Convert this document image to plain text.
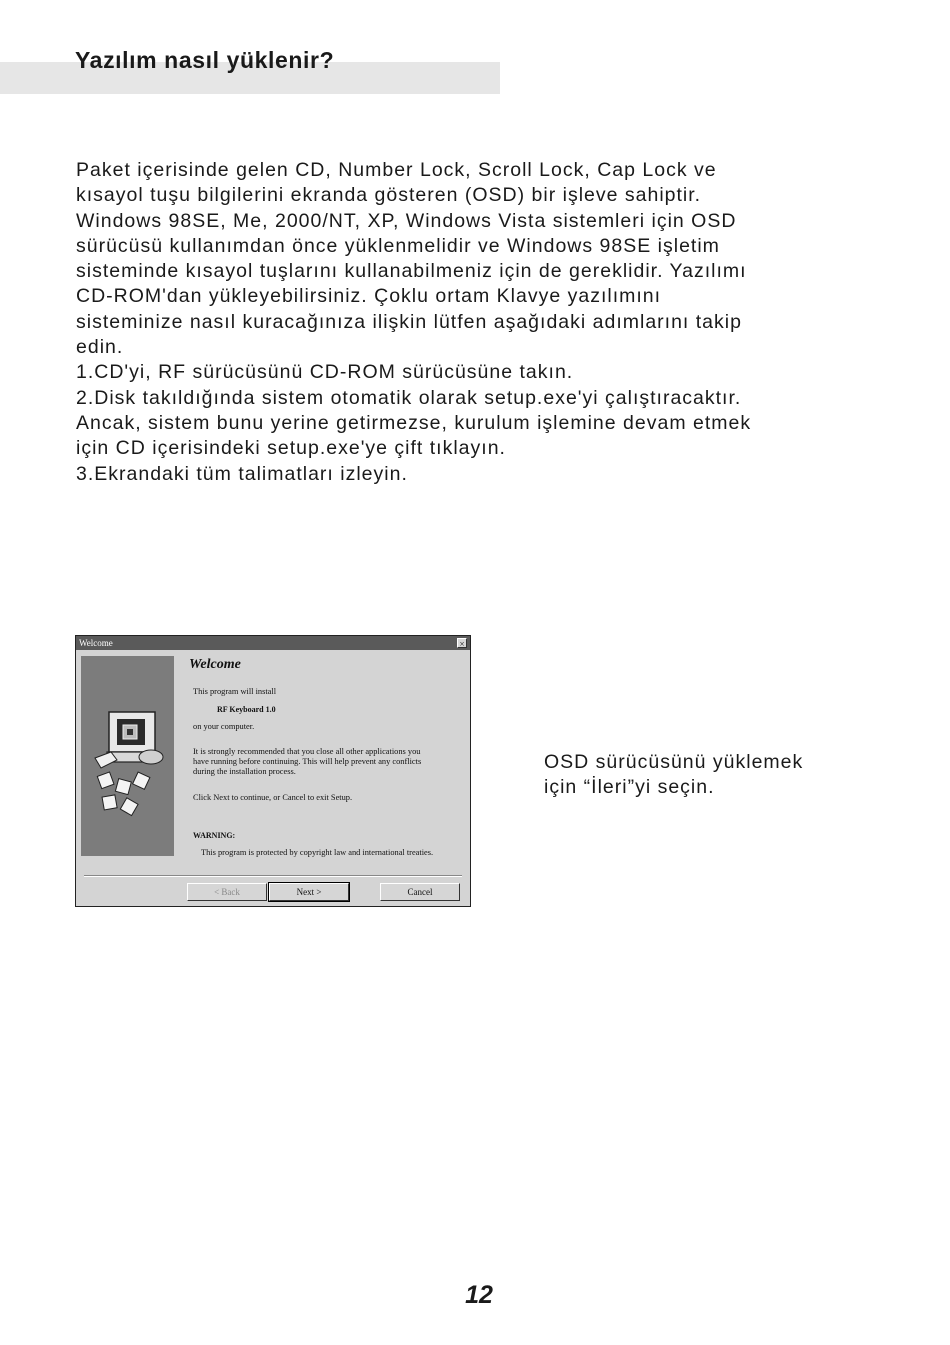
Yazılım nasıl yüklenir?
Paket içerisinde gelen CD, Number Lock, Scroll Lock, Cap Lock ve
kısayol tuşu bilgilerini ekranda gösteren (OSD) bir işleve sahiptir.
Windows 98SE, Me, 2000/NT, XP, Windows Vista sistemleri için OSD
sürücüsü kullanımdan önce yüklenmelidir ve Windows 98SE işletim
sisteminde kısayol tuşlarını kullanabilmeniz için de gereklidir. Yazılımı
CD-ROM'dan yükleyebilirsiniz. Çoklu ortam Klavye yazılımını
sisteminize nasıl kuracağınıza ilişkin lütfen aşağıdaki adımlarını takip
edin.
1.CD'yi, RF sürücüsünü CD-ROM sürücüsüne takın.
2.Disk takıldığında sistem otomatik olarak setup.exe'yi çalıştıracaktır.
Ancak, sistem bunu yerine getirmezse, kurulum işlemine devam etmek
için CD içerisindeki setup.exe'ye çift tıklayın.
3.Ekrandaki tüm talimatları izleyin.
Welcome	×
Welcome
This program will install
RF Keyboard 1.0
on your computer.
It is strongly recommended that you close all other applications you
have running before continuing. This will help prevent any conflicts
during the installation process.
Click Next to continue, or Cancel to exit Setup.
WARNING:
This program is protected by copyright law and international treaties.
< Back	Next >	Cancel
OSD sürücüsünü yüklemek
için “İleri”yi seçin.
12
